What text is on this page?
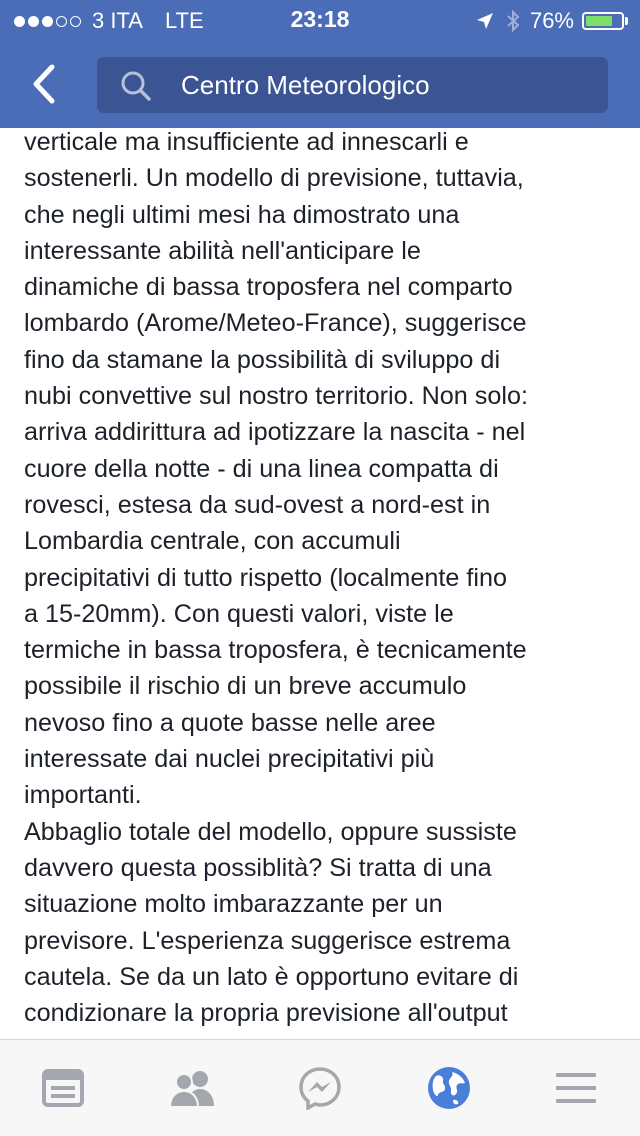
3 ITA LTE	23:18	76%
Centro Meteorologico
verticale ma insufficiente ad innescarli e
sostenerli. Un modello di previsione, tuttavia,
che negli ultimi mesi ha dimostrato una
interessante abilità nell'anticipare le
dinamiche di bassa troposfera nel comparto
lombardo (Arome/Meteo-France), suggerisce
fino da stamane la possibilità di sviluppo di
nubi convettive sul nostro territorio. Non solo:
arriva addirittura ad ipotizzare la nascita - nel
cuore della notte - di una linea compatta di
rovesci, estesa da sud-ovest a nord-est in
Lombardia centrale, con accumuli
precipitativi di tutto rispetto (localmente fino
a 15-20mm). Con questi valori, viste le
termiche in bassa troposfera, è tecnicamente
possibile il rischio di un breve accumulo
nevoso fino a quote basse nelle aree
interessate dai nuclei precipitativi più
importanti.
Abbaglio totale del modello, oppure sussiste
davvero questa possiblità? Si tratta di una
situazione molto imbarazzante per un
previsore. L'esperienza suggerisce estrema
cautela. Se da un lato è opportuno evitare di
condizionare la propria previsione all'output
